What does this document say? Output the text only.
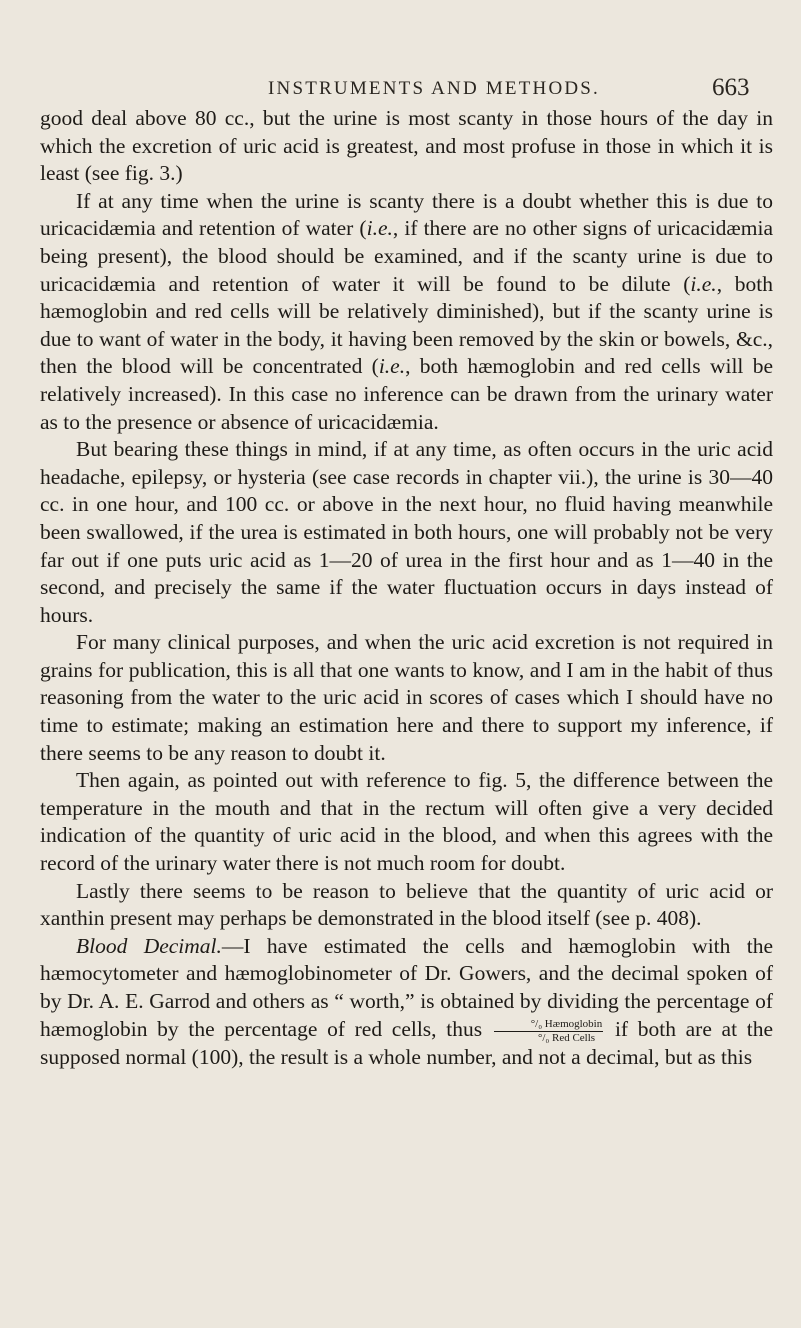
INSTRUMENTS AND METHODS.	663

good deal above 80 cc., but the urine is most scanty in those hours of the day in which the excretion of uric acid is greatest, and most profuse in those in which it is least (see fig. 3.)

If at any time when the urine is scanty there is a doubt whether this is due to uricacidæmia and retention of water (i.e., if there are no other signs of uricacidæmia being present), the blood should be examined, and if the scanty urine is due to uricacidæmia and retention of water it will be found to be dilute (i.e., both hæmoglobin and red cells will be relatively diminished), but if the scanty urine is due to want of water in the body, it having been removed by the skin or bowels, &c., then the blood will be concentrated (i.e., both hæmoglobin and red cells will be relatively increased). In this case no inference can be drawn from the urinary water as to the presence or absence of uricacidæmia.

But bearing these things in mind, if at any time, as often occurs in the uric acid headache, epilepsy, or hysteria (see case records in chapter vii.), the urine is 30—40 cc. in one hour, and 100 cc. or above in the next hour, no fluid having meanwhile been swallowed, if the urea is estimated in both hours, one will probably not be very far out if one puts uric acid as 1—20 of urea in the first hour and as 1—40 in the second, and precisely the same if the water fluctuation occurs in days instead of hours.

For many clinical purposes, and when the uric acid excretion is not required in grains for publication, this is all that one wants to know, and I am in the habit of thus reasoning from the water to the uric acid in scores of cases which I should have no time to estimate; making an estimation here and there to support my inference, if there seems to be any reason to doubt it.

Then again, as pointed out with reference to fig. 5, the difference between the temperature in the mouth and that in the rectum will often give a very decided indication of the quantity of uric acid in the blood, and when this agrees with the record of the urinary water there is not much room for doubt.

Lastly there seems to be reason to believe that the quantity of uric acid or xanthin present may perhaps be demonstrated in the blood itself (see p. 408).

Blood Decimal.—I have estimated the cells and hæmoglobin with the hæmocytometer and hæmoglobinometer of Dr. Gowers, and the decimal spoken of by Dr. A. E. Garrod and others as “ worth,” is obtained by dividing the percentage of hæmoglobin by the percentage of red cells, thus $\frac{\text{°/₀ Hæmoglobin}}{\text{°/₀ Red Cells}}$ if both are at the supposed normal (100), the result is a whole number, and not a decimal, but as this
